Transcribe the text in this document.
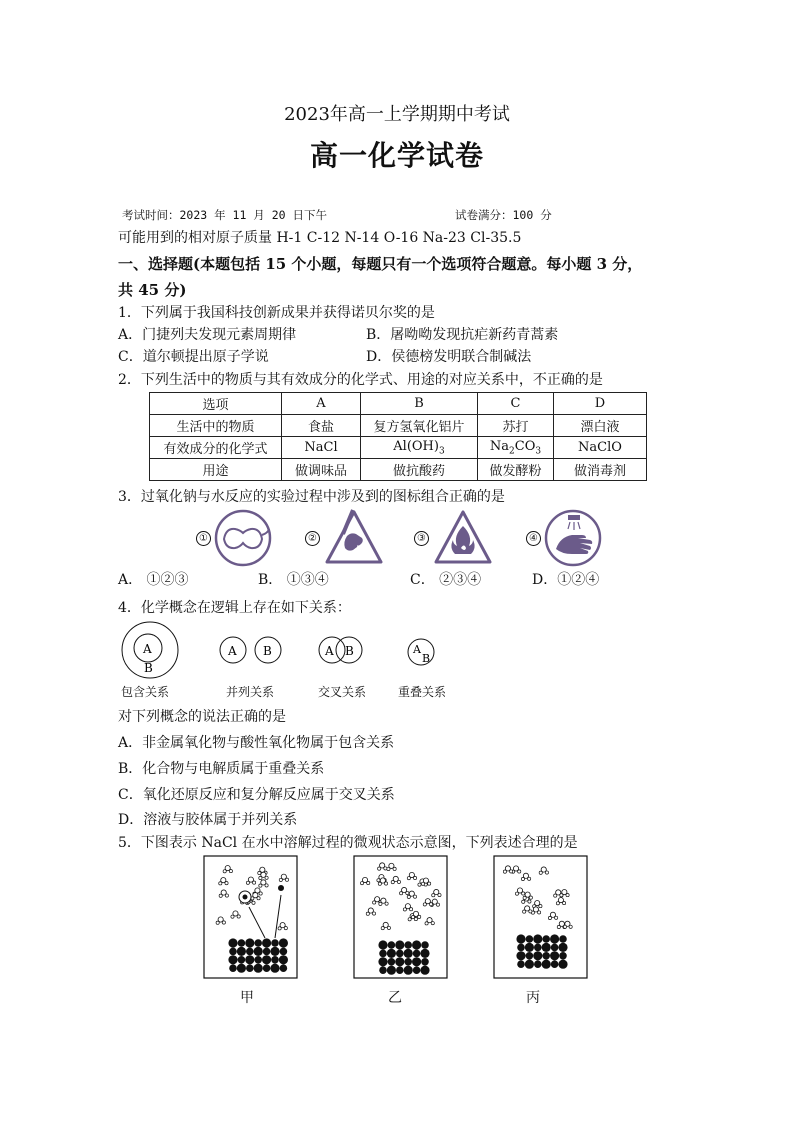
2023年高一上学期期中考试
高一化学试卷
考试时间：2023 年 11 月 20 日下午	试卷满分：100 分
可能用到的相对原子质量 H-1 C-12 N-14 O-16 Na-23 Cl-35.5
一、选择题(本题包括 15 个小题，每题只有一个选项符合题意。每小题 3 分，
共 45 分)
1．下列属于我国科技创新成果并获得诺贝尔奖的是
A．门捷列夫发现元素周期律	B．屠呦呦发现抗疟新药青蒿素
C．道尔顿提出原子学说	D．侯德榜发明联合制碱法
2．下列生活中的物质与其有效成分的化学式、用途的对应关系中，不正确的是
选项	A	B	C	D
生活中的物质	食盐	复方氢氧化铝片	苏打	漂白液
有效成分的化学式	NaCl	$Al(OH)_3$	$Na_2CO_3$	NaClO
用途	做调味品	做抗酸药	做发酵粉	做消毒剂
3．过氧化钠与水反应的实验过程中涉及到的图标组合正确的是
①	②	③	④
A． ①②③	B． ①③④	C． ②③④	D．①②④
4．化学概念在逻辑上存在如下关系：
A
B
A B	A B	A
B
包含关系	并列关系	交叉关系	重叠关系
对下列概念的说法正确的是
A．非金属氧化物与酸性氧化物属于包含关系
B．化合物与电解质属于重叠关系
C．氧化还原反应和复分解反应属于交叉关系
D．溶液与胶体属于并列关系
5．下图表示 NaCl 在水中溶解过程的微观状态示意图，下列表述合理的是
甲	乙	丙
